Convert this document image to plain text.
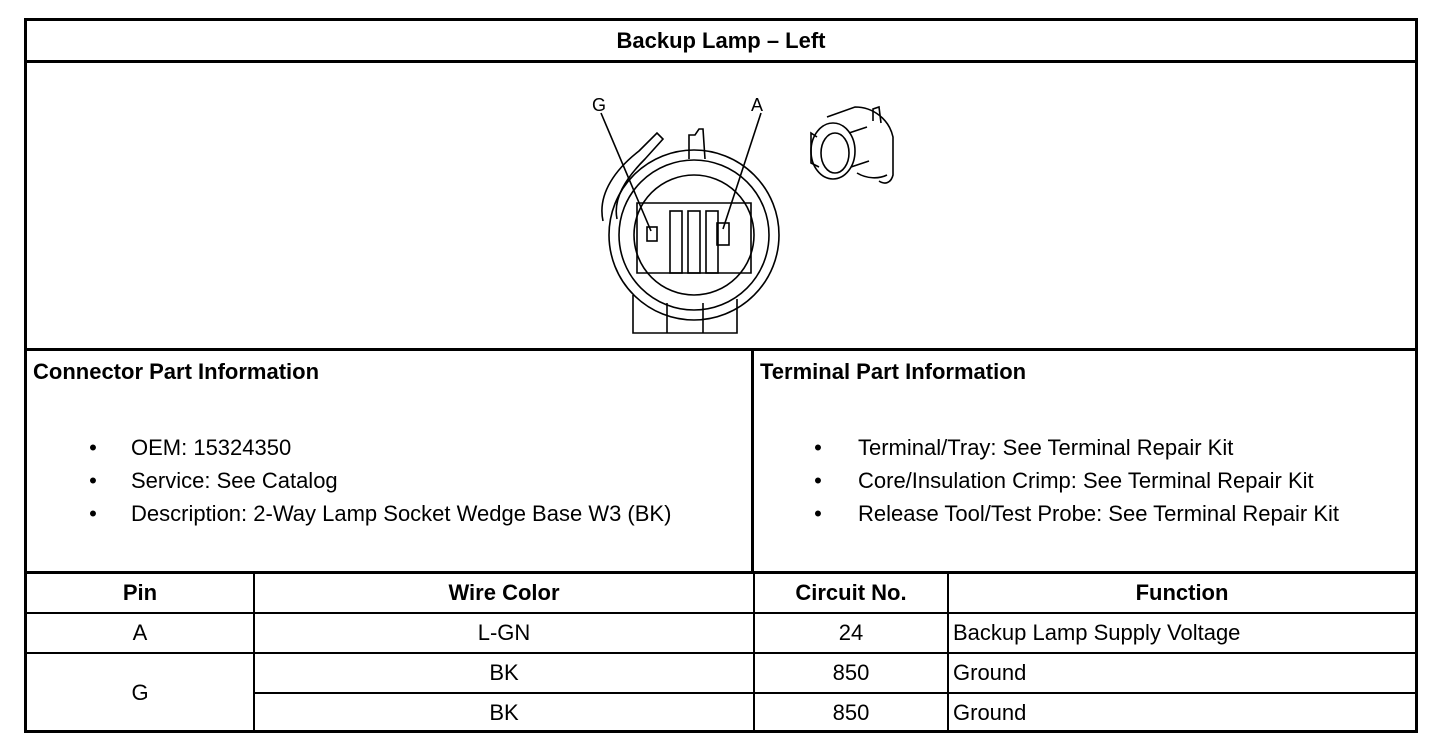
Backup Lamp – Left
G	A
Connector Part Information
• OEM: 15324350
• Service: See Catalog
• Description: 2-Way Lamp Socket Wedge Base W3 (BK)
Terminal Part Information
• Terminal/Tray: See Terminal Repair Kit
• Core/Insulation Crimp: See Terminal Repair Kit
• Release Tool/Test Probe: See Terminal Repair Kit
Pin	Wire Color	Circuit No.	Function
A	L-GN	24	Backup Lamp Supply Voltage
G	BK	850	Ground
	BK	850	Ground
